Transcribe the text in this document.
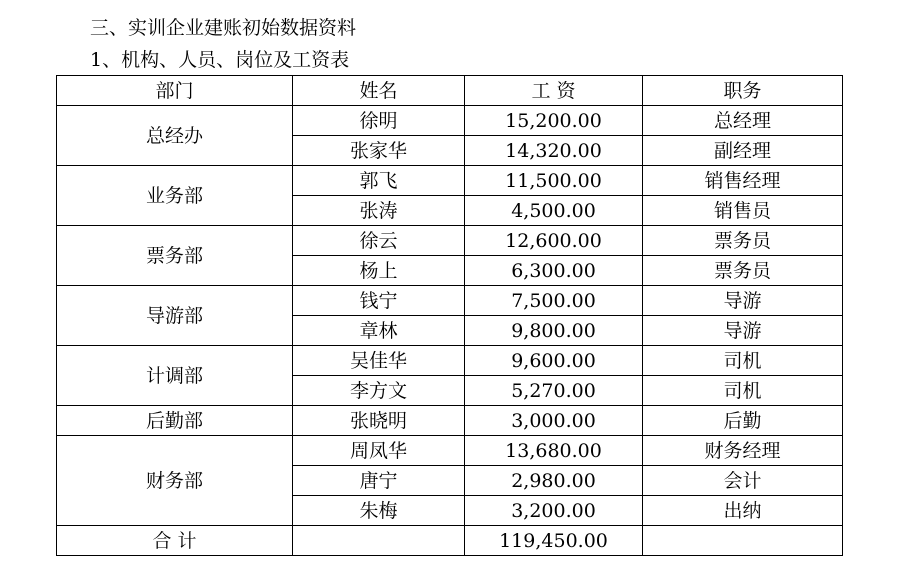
三、实训企业建账初始数据资料
1、机构、人员、岗位及工资表
部门	姓名	工 资	职务
总经办	徐明	15,200.00	总经理
	张家华	14,320.00	副经理
业务部	郭飞	11,500.00	销售经理
	张涛	4,500.00	销售员
票务部	徐云	12,600.00	票务员
	杨上	6,300.00	票务员
导游部	钱宁	7,500.00	导游
	章林	9,800.00	导游
计调部	吴佳华	9,600.00	司机
	李方文	5,270.00	司机
后勤部	张晓明	3,000.00	后勤
财务部	周凤华	13,680.00	财务经理
	唐宁	2,980.00	会计
	朱梅	3,200.00	出纳
合 计		119,450.00	
